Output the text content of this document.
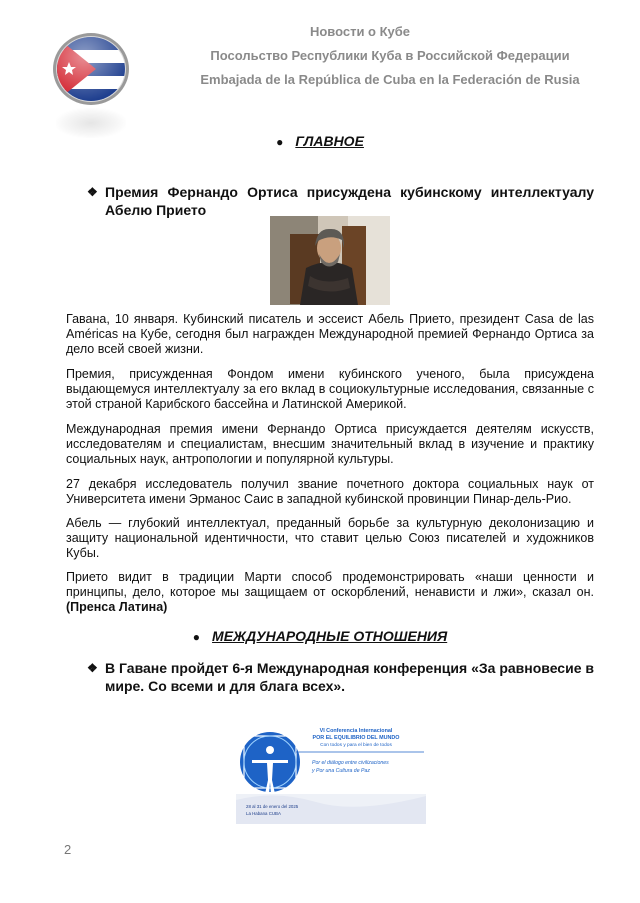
Новости о Кубе
Посольство Республики Куба в Российской Федерации
Embajada de la República de Cuba en la Federación de Rusia
● ГЛАВНОЕ
❖ Премия Фернандо Ортиса присуждена кубинскому интеллектуалу Абелю Прието
Гавана, 10 января. Кубинский писатель и эссеист Абель Прието, президент Casa de las Américas на Кубе, сегодня был награжден Международной премией Фернандо Ортиса за дело всей своей жизни.
Премия, присужденная Фондом имени кубинского ученого, была присуждена выдающемуся интеллектуалу за его вклад в социокультурные исследования, связанные с этой страной Карибского бассейна и Латинской Америкой.
Международная премия имени Фернандо Ортиса присуждается деятелям искусств, исследователям и специалистам, внесшим значительный вклад в изучение и практику социальных наук, антропологии и популярной культуры.
27 декабря исследователь получил звание почетного доктора социальных наук от Университета имени Эрманос Саис в западной кубинской провинции Пинар-дель-Рио.
Абель — глубокий интеллектуал, преданный борьбе за культурную деколонизацию и защиту национальной идентичности, что ставит целью Союз писателей и художников Кубы.
Прието видит в традиции Марти способ продемонстрировать «наши ценности и принципы, дело, которое мы защищаем от оскорблений, ненависти и лжи», сказал он. (Пренса Латина)
● МЕЖДУНАРОДНЫЕ ОТНОШЕНИЯ
❖ В Гаване пройдет 6-я Международная конференция «За равновесие в мире. Со всеми и для блага всех».
VI Conferencia Internacional
POR EL EQUILIBRIO DEL MUNDO
Con todos y para el bien de todos
Por el diálogo entre civilizaciones
y Por una Cultura de Paz
28 al 31 de enero del 2025
La Habana CUBA
2
